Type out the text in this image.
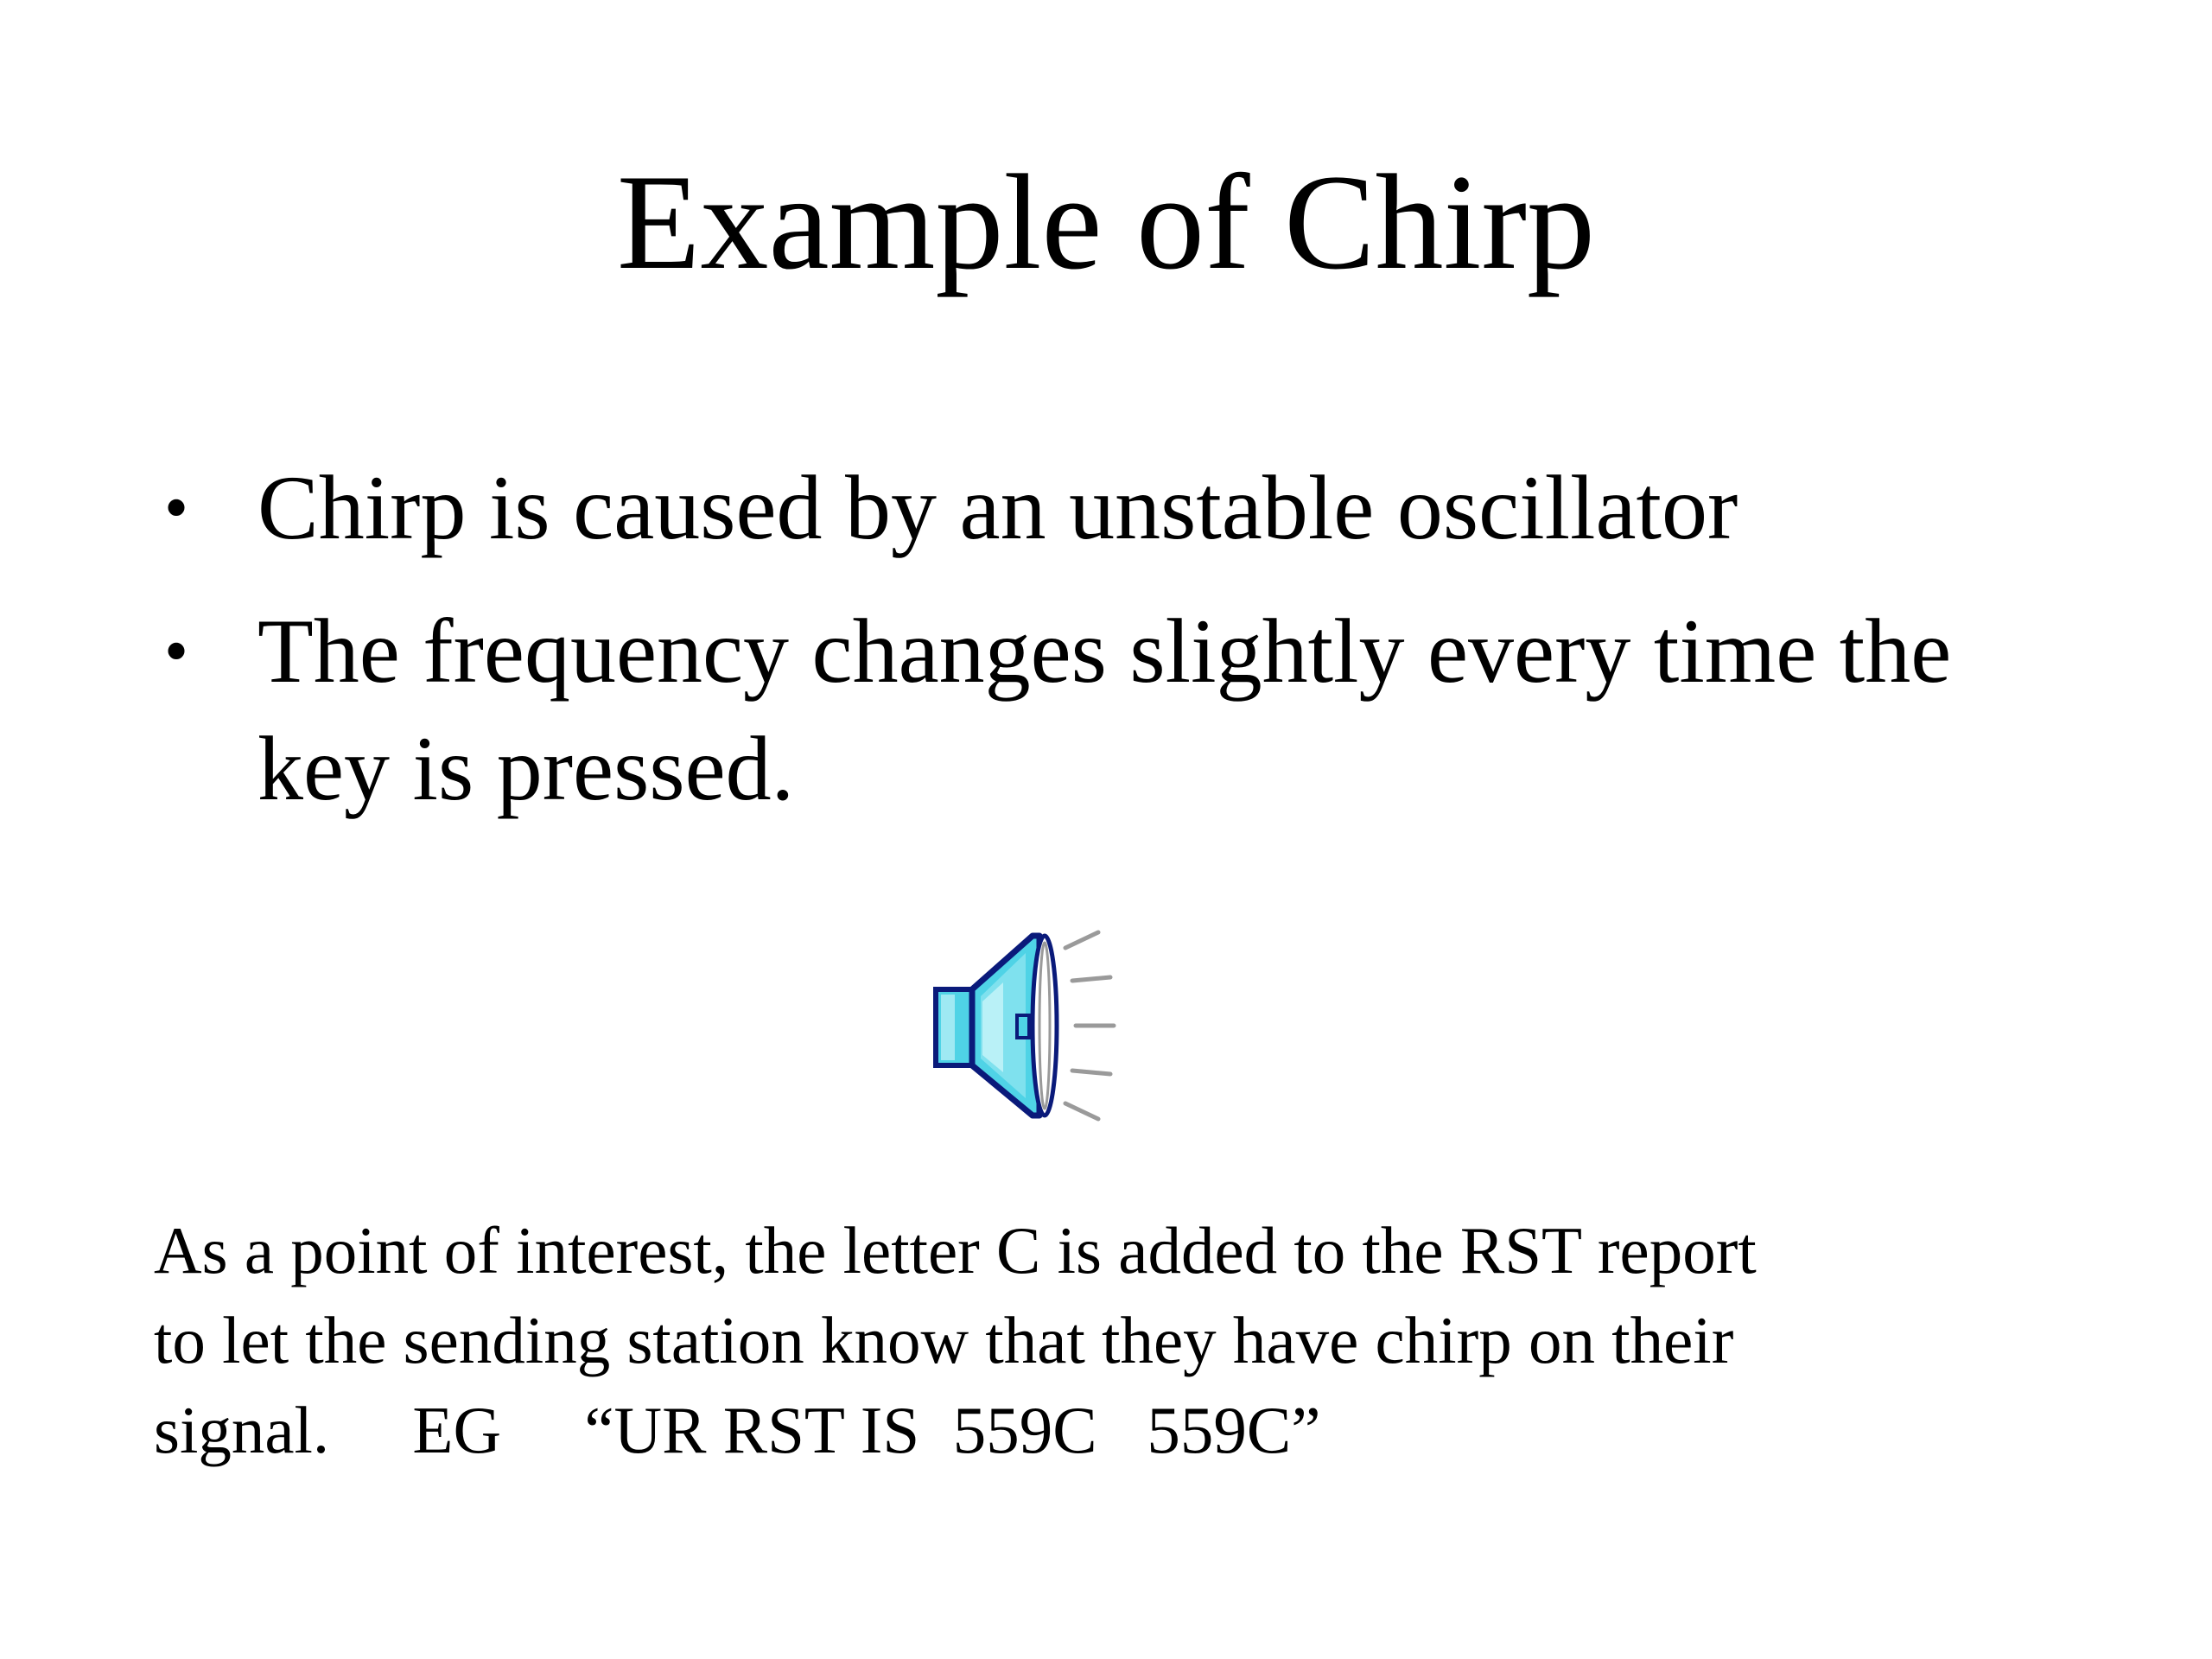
Example of Chirp
• Chirp is caused by an unstable oscillator
• The frequency changes slightly every time the key is pressed.

As a point of interest, the letter C is added to the RST report
to let the sending station know that they have chirp on their
signal.     EG     “UR RST IS  559C   559C”
